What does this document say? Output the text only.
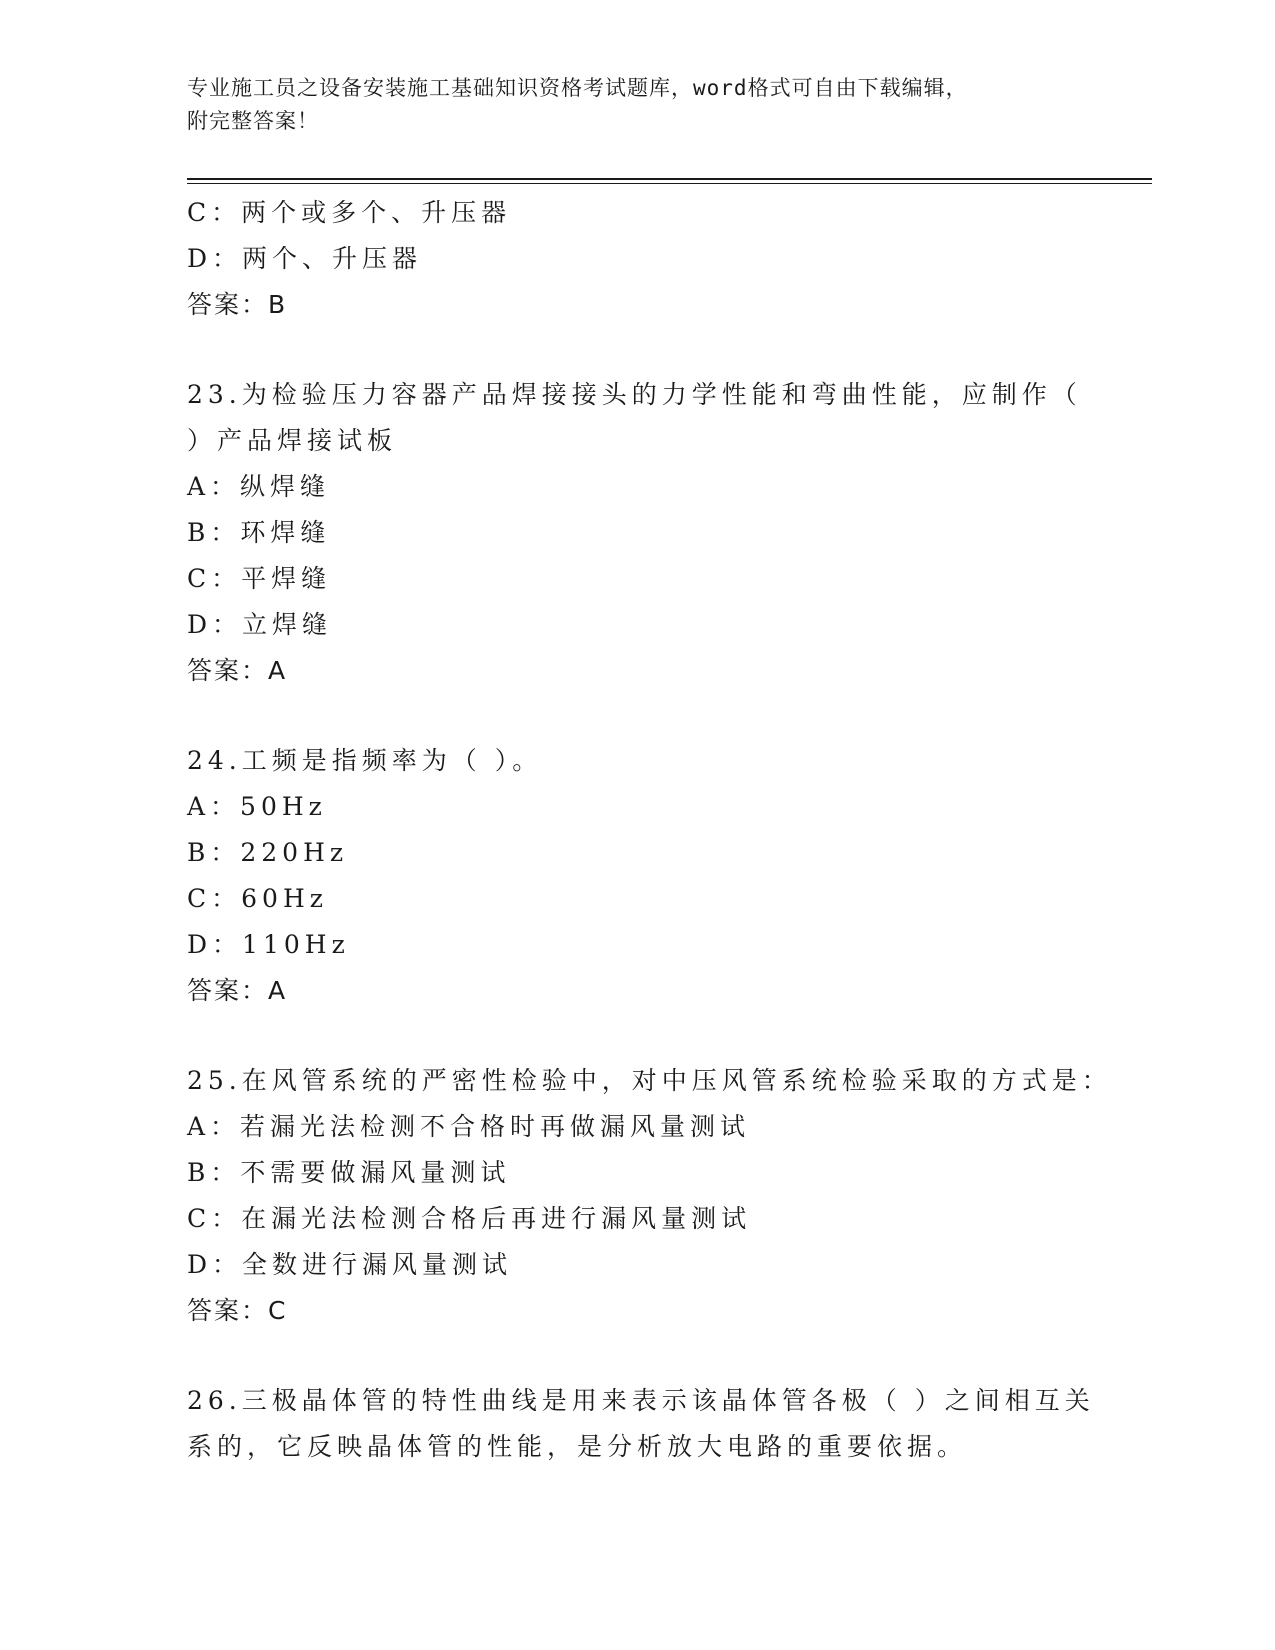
专业施工员之设备安装施工基础知识资格考试题库，word格式可自由下载编辑，
附完整答案！
C：两个或多个、升压器
D：两个、升压器
答案：B
23.为检验压力容器产品焊接接头的力学性能和弯曲性能，应制作（
）产品焊接试板
A：纵焊缝
B：环焊缝
C：平焊缝
D：立焊缝
答案：A
24.工频是指频率为（ ）。
A：50Hz
B：220Hz
C：60Hz
D：110Hz
答案：A
25.在风管系统的严密性检验中，对中压风管系统检验采取的方式是：
A：若漏光法检测不合格时再做漏风量测试
B：不需要做漏风量测试
C：在漏光法检测合格后再进行漏风量测试
D：全数进行漏风量测试
答案：C
26.三极晶体管的特性曲线是用来表示该晶体管各极（ ）之间相互关
系的，它反映晶体管的性能，是分析放大电路的重要依据。
